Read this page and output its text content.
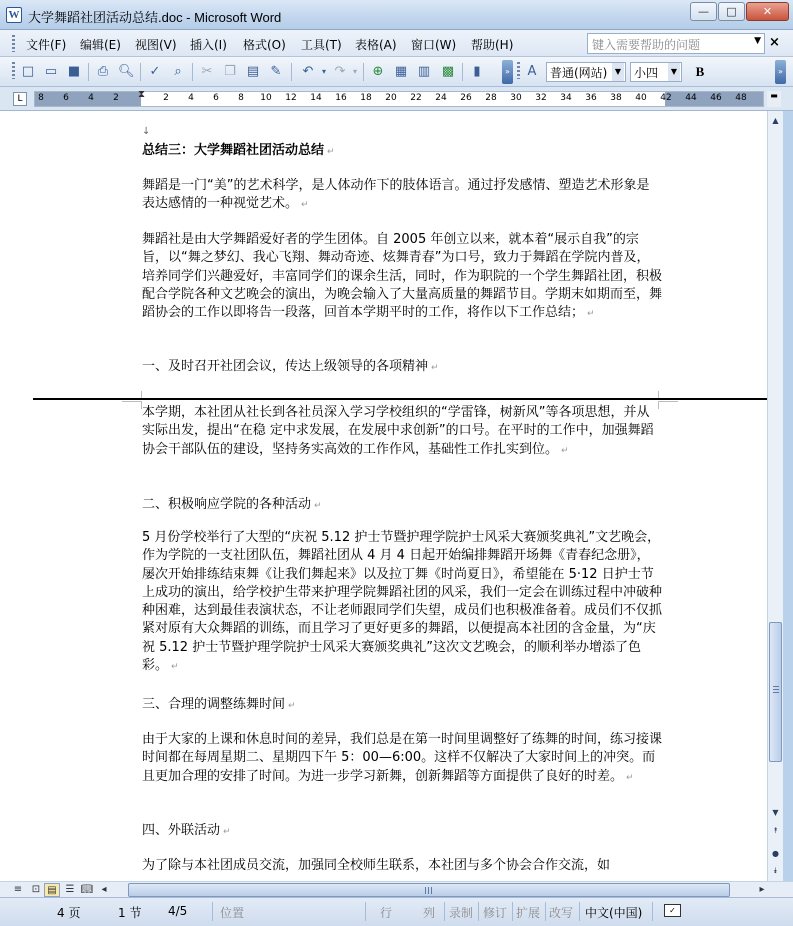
W 大学舞蹈社团活动总结.doc - Microsoft Word	—	□	✕
文件(F) 编辑(E) 视图(V) 插入(I) 格式(O) 工具(T) 表格(A) 窗口(W) 帮助(H)	键入需要帮助的问题	▼ ×
□ ▭ ■ ⎙ 🔍︎ ✓	⌕	✂ ❐ ▤ ✎ ↶	▾ ↷ ▾	⊕ ▦ ▥ ▩	▮	» A	普通(网站) ▼	小四	▼ B	»
L	8 6 4 2	2 4 6 8 10 12 14 16 18 20 22 24 26 28 30 32 34 36 38 40 42 44 46 48
⧗	▬
↓

总结三：大学舞蹈社团活动总结 ↵

舞蹈是一门“美”的艺术科学，是人体动作下的肢体语言。通过抒发感情、塑造艺术形象是表达感情的一种视觉艺术。 ↵

舞蹈社是由大学舞蹈爱好者的学生团体。自 2005 年创立以来，就本着“展示自我”的宗旨，以“舞之梦幻、我心飞翔、舞动奇迹、炫舞青春”为口号，致力于舞蹈在学院内普及，培养同学们兴趣爱好，丰富同学们的课余生活，同时，作为职院的一个学生舞蹈社团，积极配合学院各种文艺晚会的演出，为晚会输入了大量高质量的舞蹈节目。学期末如期而至，舞蹈协会的工作以即将告一段落，回首本学期平时的工作，将作以下工作总结； ↵

一、及时召开社团会议，传达上级领导的各项精神 ↵

本学期，本社团从社长到各社员深入学习学校组织的“学雷锋，树新风”等各项思想，并从实际出发，提出“在稳 定中求发展，在发展中求创新”的口号。在平时的工作中，加强舞蹈协会干部队伍的建设，坚持务实高效的工作作风，基础性工作扎实到位。 ↵

二、积极响应学院的各种活动 ↵

5 月份学校举行了大型的“庆祝 5.12 护士节暨护理学院护士风采大赛颁奖典礼”文艺晚会，作为学院的一支社团队伍，舞蹈社团从 4 月 4 日起开始编排舞蹈开场舞《青春纪念册》，屡次开始排练结束舞《让我们舞起来》以及拉丁舞《时尚夏日》，希望能在 5·12 日护士节上成功的演出，给学校护生带来护理学院舞蹈社团的风采，我们一定会在训练过程中冲破种种困难，达到最佳表演状态，不让老师跟同学们失望，成员们也积极准备着。成员们不仅抓紧对原有大众舞蹈的训练，而且学习了更好更多的舞蹈，以便提高本社团的含金量，为“庆祝 5.12 护士节暨护理学院护士风采大赛颁奖典礼”这次文艺晚会，的顺利举办增添了色彩。 ↵

三、合理的调整练舞时间 ↵

由于大家的上课和休息时间的差异，我们总是在第一时间里调整好了练舞的时间，练习接课时间都在每周星期二、星期四下午 5：00—6:00。这样不仅解决了大家时间上的冲突。而且更加合理的安排了时间。为进一步学习新舞，创新舞蹈等方面提供了良好的时差。 ↵

四、外联活动 ↵

为了除与本社团成员交流，加强同全校师生联系，本社团与多个协会合作交流，如

▲
▼
⯭
●
⯯
≡ ⊡ ▤ ☰ 📖︎ ◂	▸
4 页	1 节 4/5	位置	行	列 录制 修订 扩展 改写 中文(中国)	✓
